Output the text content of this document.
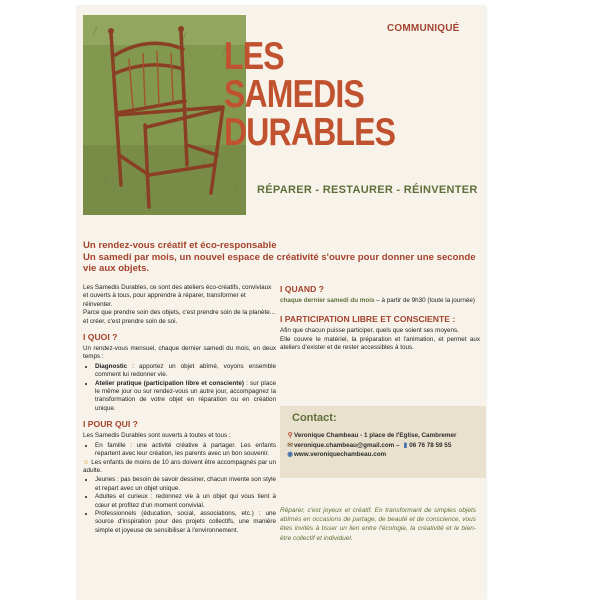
COMMUNIQUÉ
LES
SAMEDIS
DURABLES
RÉPARER - RESTAURER - RÉINVENTER
Un rendez-vous créatif et éco-responsable
Un samedi par mois, un nouvel espace de créativité s'ouvre pour donner une seconde vie aux objets.

Les Samedis Durables, ce sont des ateliers éco-créatifs, conviviaux et ouverts à tous, pour apprendre à réparer, transformer et réinventer.

Parce que prendre soin des objets, c'est prendre soin de la planète... et créer, c'est prendre soin de soi.

I QUOI ?

Un rendez-vous mensuel, chaque dernier samedi du mois, en deux temps :

• Diagnostic : apportez un objet abîmé, voyons ensemble comment lui redonner vie.
• Atelier pratique (participation libre et consciente) : sur place le même jour ou sur rendez-vous un autre jour, accompagnez la transformation de votre objet en réparation ou en création unique.
I POUR QUI ?

Les Samedis Durables sont ouverts à toutes et tous :

• En famille : une activité créative à partager. Les enfants repartent avec leur création, les parents avec un bon souvenir.

☺ Les enfants de moins de 10 ans doivent être accompagnés par un adulte.

• Jeunes : pas besoin de savoir dessiner, chacun invente son style et repart avec un objet unique.
• Adultes et curieux : redonnez vie à un objet qui vous tient à cœur et profitez d'un moment convivial.
• Professionnels (éducation, social, associations, etc.) : une source d'inspiration pour des projets collectifs, une manière simple et joyeuse de sensibiliser à l'environnement.
I QUAND ?

chaque dernier samedi du mois – à partir de 9h30 (toute la journée)

I PARTICIPATION LIBRE ET CONSCIENTE :

Afin que chacun puisse participer, quels que soient ses moyens.

Elle couvre le matériel, la préparation et l'animation, et permet aux ateliers d'exister et de rester accessibles à tous.

Contact:
⚲ Veronique Chambeau - 1 place de l'Eglise, Cambremer
✉veronique.chambeau@gmail.com – ▮ 06 76 78 59 55
◉www.veroniquechambeau.com
Réparer, c'est joyeux et créatif. En transformant de simples objets abîmés en occasions de partage, de beauté et de conscience, vous êtes invités à tisser un lien entre l'écologie, la créativité et le bien-être collectif et individuel.
